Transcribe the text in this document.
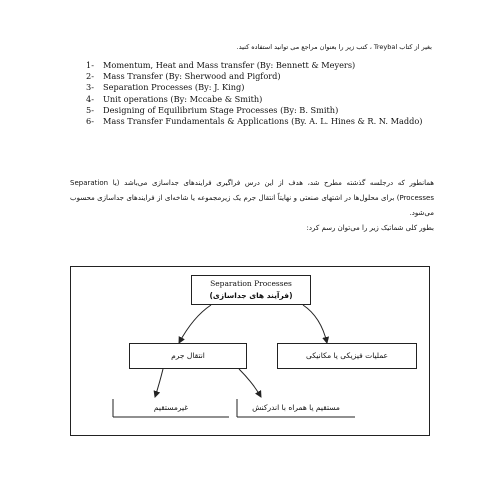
بغیر از کتاب Treybal ، کتب زیر را بعنوان مراجع می توانید استفاده کنید.
1-	Momentum, Heat and Mass transfer (By: Bennett & Meyers)
2-	Mass Transfer (By: Sherwood and Pigford)
3-	Separation Processes (By: J. King)
4-	Unit operations (By: Mccabe & Smith)
5-	Designing of Equilibrium Stage Processes (By: B. Smith)
6-	Mass Transfer Fundamentals & Applications (By. A. L. Hines & R. N. Maddo)

همانطور که درجلسه گذشته مطرح شد، هدف از این درس فراگیری فرایندهای جداسازی می‌باشد (یا Separation Processes) برای محلول‌ها در اشتهای صنعتی و نهایتاً انتقال جرم یک زیرمجموعه یا شاخه‌ای از فرایندهای جداسازی محسوب می‌شود.

بطور کلی شماتیک زیر را می‌توان رسم کرد:

Separation Processes
(فرآیند های جداسازی)
انتقال جرم	عملیات فیزیکی یا مکانیکی
غیرمستقیم	مستقیم یا همراه با اندرکنش
